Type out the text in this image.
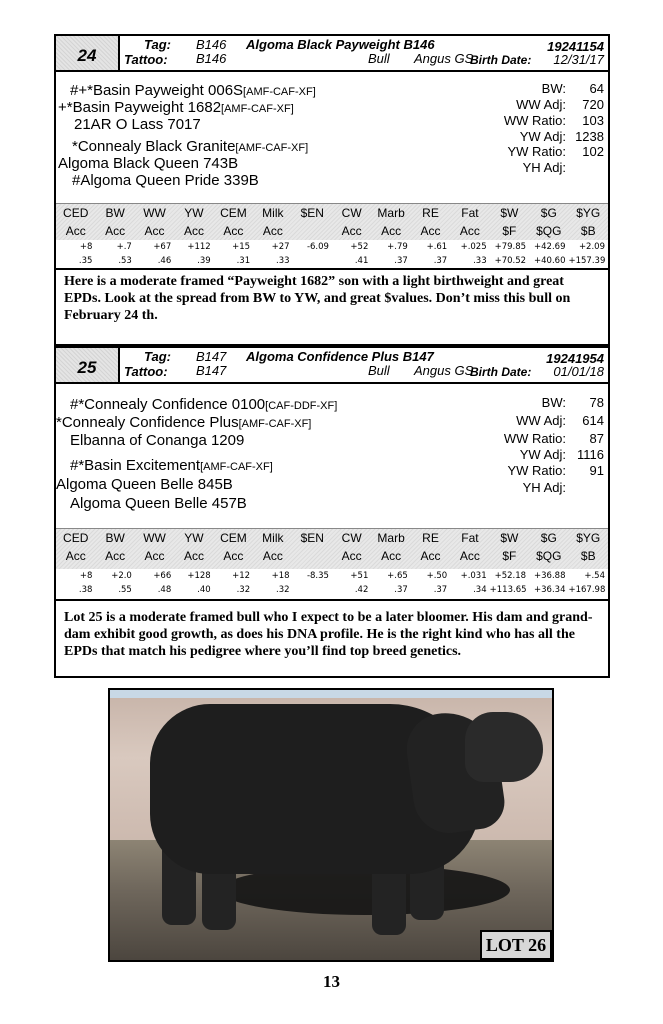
24
Tag: B146 Algoma Black Payweight B146	19241154
Tattoo: B146	Bull Angus GS
Birth Date: 12/31/17
#+*Basin Payweight 006S[AMF-CAF-XF]
+*Basin Payweight 1682[AMF-CAF-XF]
21AR O Lass 7017
*Connealy Black Granite[AMF-CAF-XF]
Algoma Black Queen 743B
#Algoma Queen Pride 339B
BW: 64
WW Adj: 720
WW Ratio: 103
YW Adj: 1238
YW Ratio: 102
YH Adj:
CED	BW	WW	YW	CEM	Milk	$EN	CW	Marb	RE	Fat	$W	$G	$YG
Acc	Acc	Acc	Acc	Acc	Acc		Acc	Acc	Acc	Acc	$F	$QG	$B
+8	+.7	+67	+112	+15	+27	-6.09	+52	+.79	+.61	+.025	+79.85	+42.69	+2.09
.35	.53	.46	.39	.31	.33		.41	.37	.37	.33	+70.52	+40.60	+157.39
Here is a moderate framed “Payweight 1682” son with a light birthweight and great EPDs. Look at the spread from BW to YW, and great $values. Don’t miss this bull on February 24 th.
25
Tag: B147 Algoma Confidence Plus B147	19241954
Tattoo: B147	Bull Angus GS
Birth Date: 01/01/18
#*Connealy Confidence 0100[CAF-DDF-XF]
*Connealy Confidence Plus[AMF-CAF-XF]
Elbanna of Conanga 1209
#*Basin Excitement[AMF-CAF-XF]
Algoma Queen Belle 845B
Algoma Queen Belle 457B
BW: 78
WW Adj: 614
WW Ratio: 87
YW Adj: 1116
YW Ratio: 91
YH Adj:
CED	BW	WW	YW	CEM	Milk	$EN	CW	Marb	RE	Fat	$W	$G	$YG
Acc	Acc	Acc	Acc	Acc	Acc		Acc	Acc	Acc	Acc	$F	$QG	$B
+8	+2.0	+66	+128	+12	+18	-8.35	+51	+.65	+.50	+.031	+52.18	+36.88	+.54
.38	.55	.48	.40	.32	.32		.42	.37	.37	.34	+113.65	+36.34	+167.98
Lot 25 is a moderate framed bull who I expect to be a later bloomer. His dam and grand-dam exhibit good growth, as does his DNA profile. He is the right kind who has all the EPDs that match his pedigree where you’ll find top breed genetics.
LOT 26
13
